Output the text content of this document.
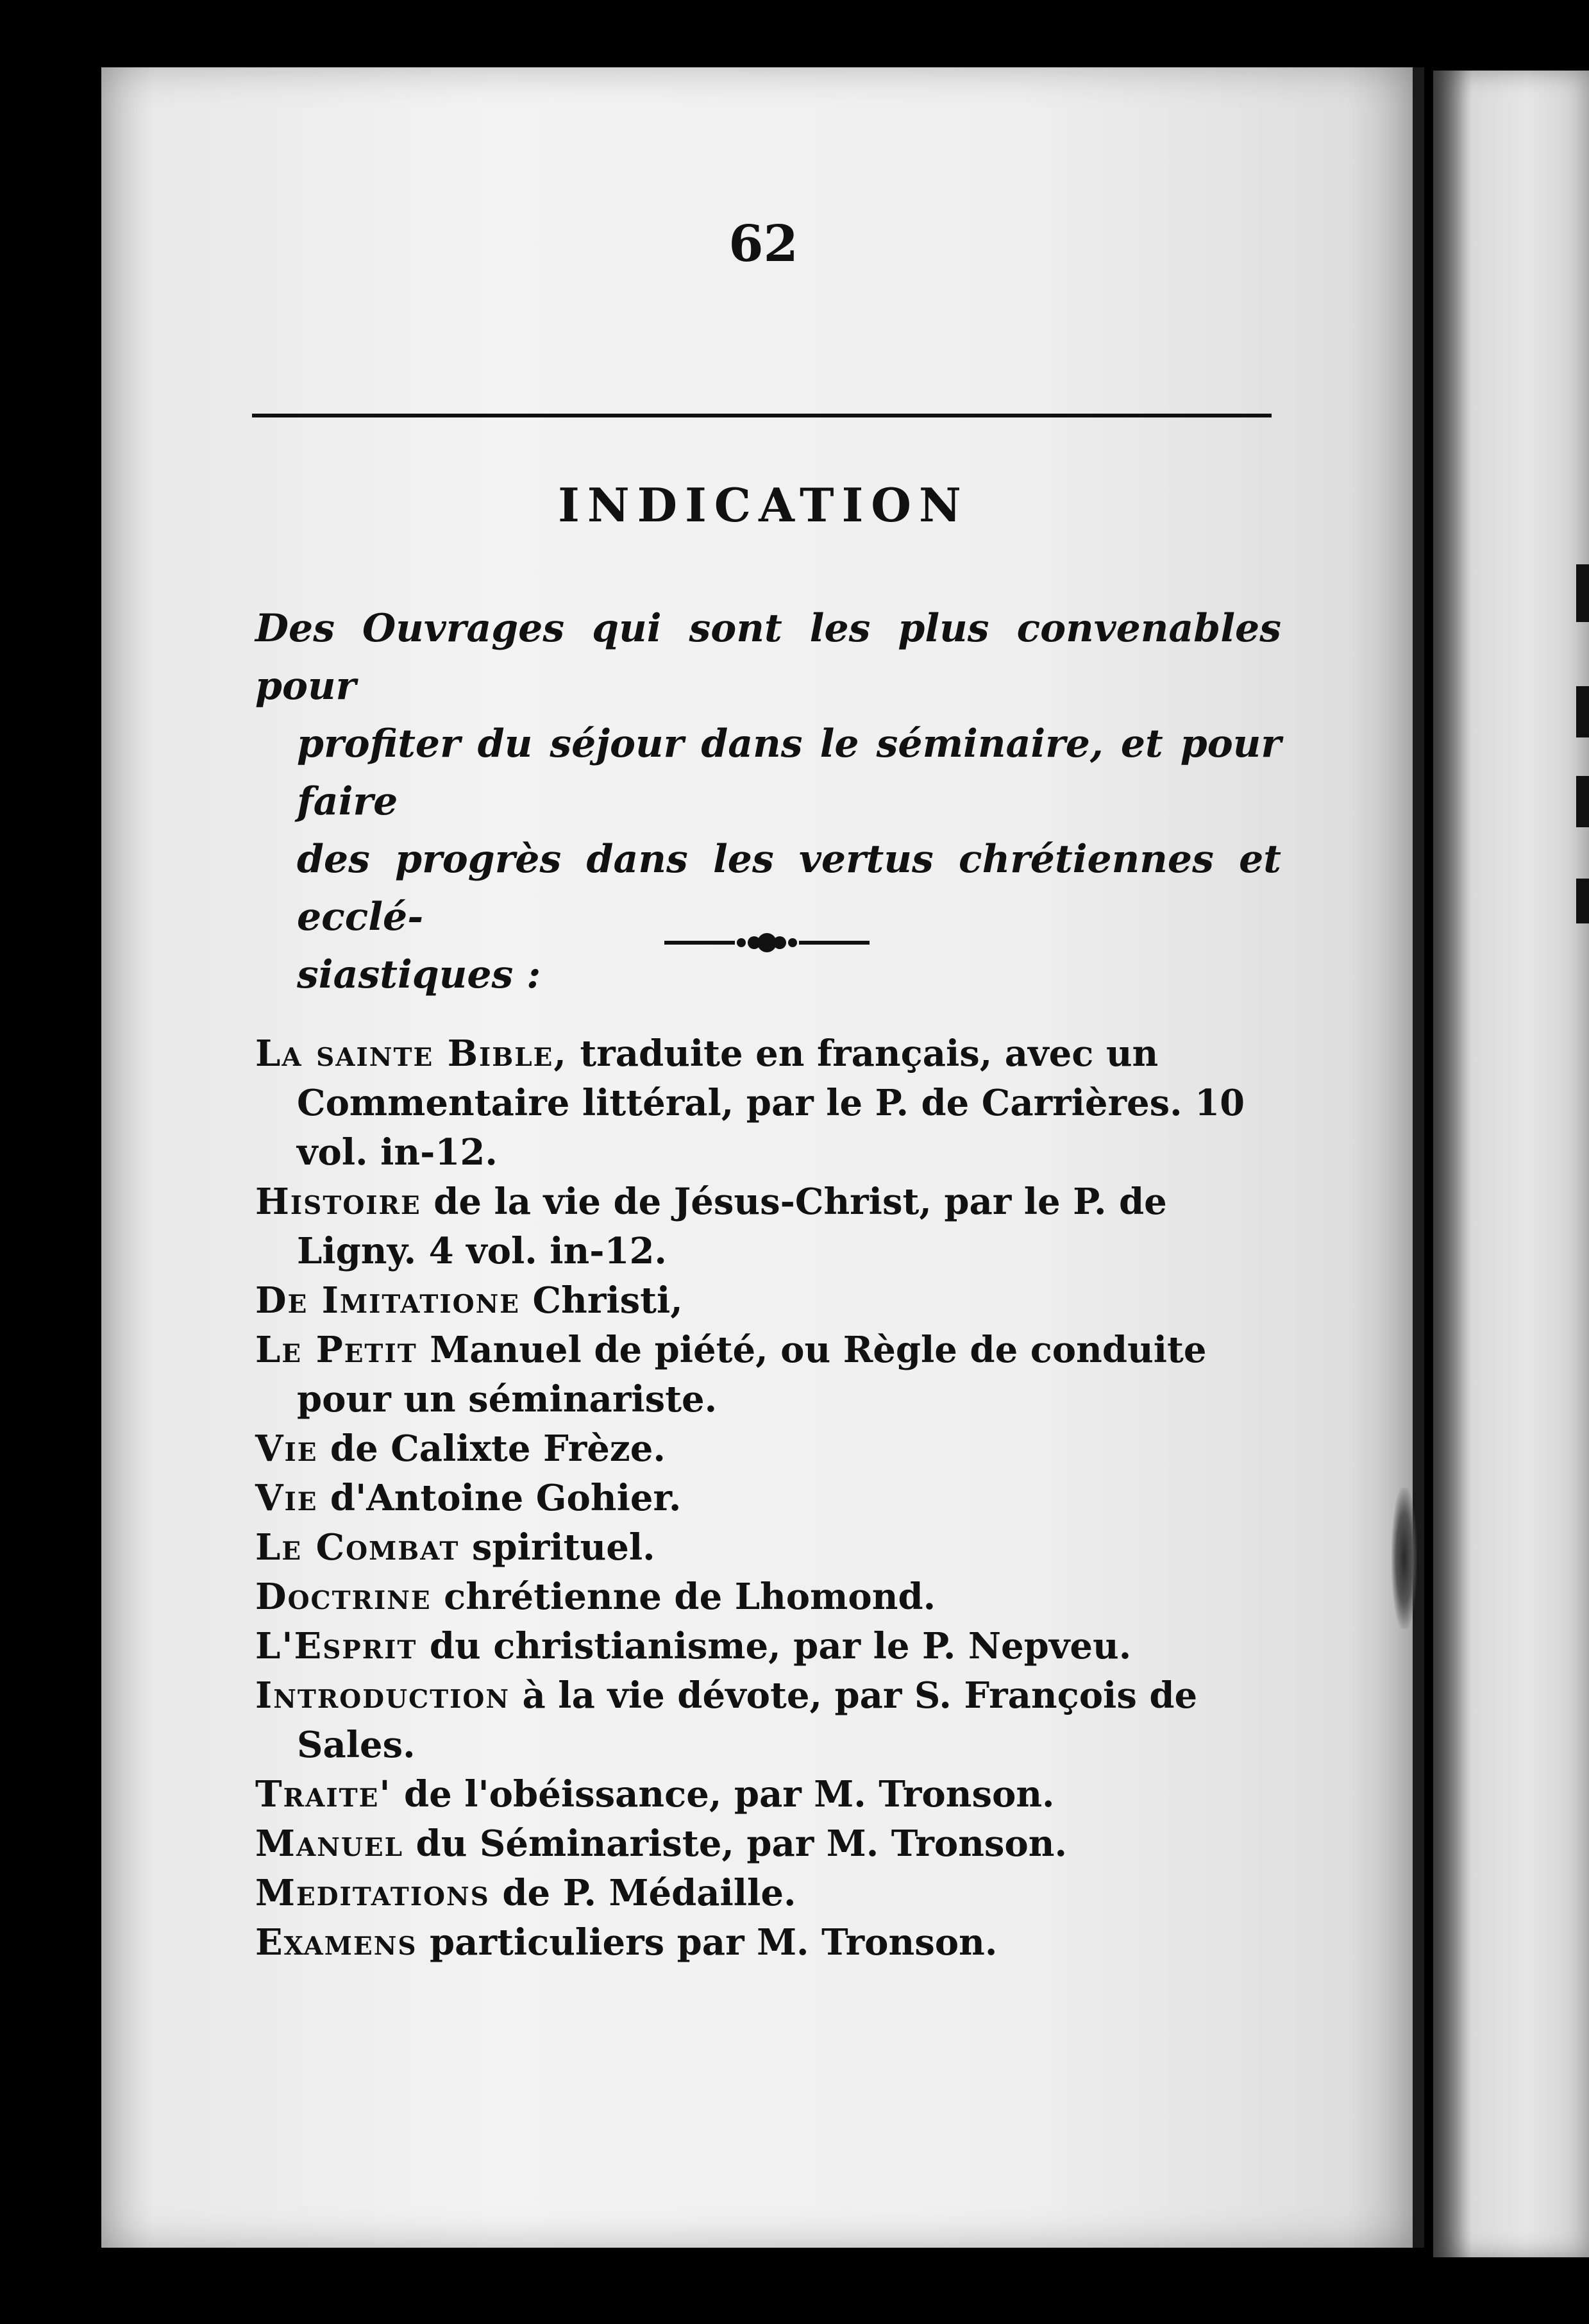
62
INDICATION
Des Ouvrages qui sont les plus convenables pour
profiter du séjour dans le séminaire, et pour faire
des progrès dans les vertus chrétiennes et ecclé-
siastiques :
La sainte Bible, traduite en français, avec un Commentaire littéral, par le P. de Carrières. 10 vol. in-12.
Histoire de la vie de Jésus-Christ, par le P. de Ligny. 4 vol. in-12.
De Imitatione Christi,
Le Petit Manuel de piété, ou Règle de conduite pour un séminariste.
Vie de Calixte Frèze.
Vie d'Antoine Gohier.
Le Combat spirituel.
Doctrine chrétienne de Lhomond.
L'Esprit du christianisme, par le P. Nepveu.
Introduction à la vie dévote, par S. François de Sales.
Traite' de l'obéissance, par M. Tronson.
Manuel du Séminariste, par M. Tronson.
Meditations de P. Médaille.
Examens particuliers par M. Tronson.
